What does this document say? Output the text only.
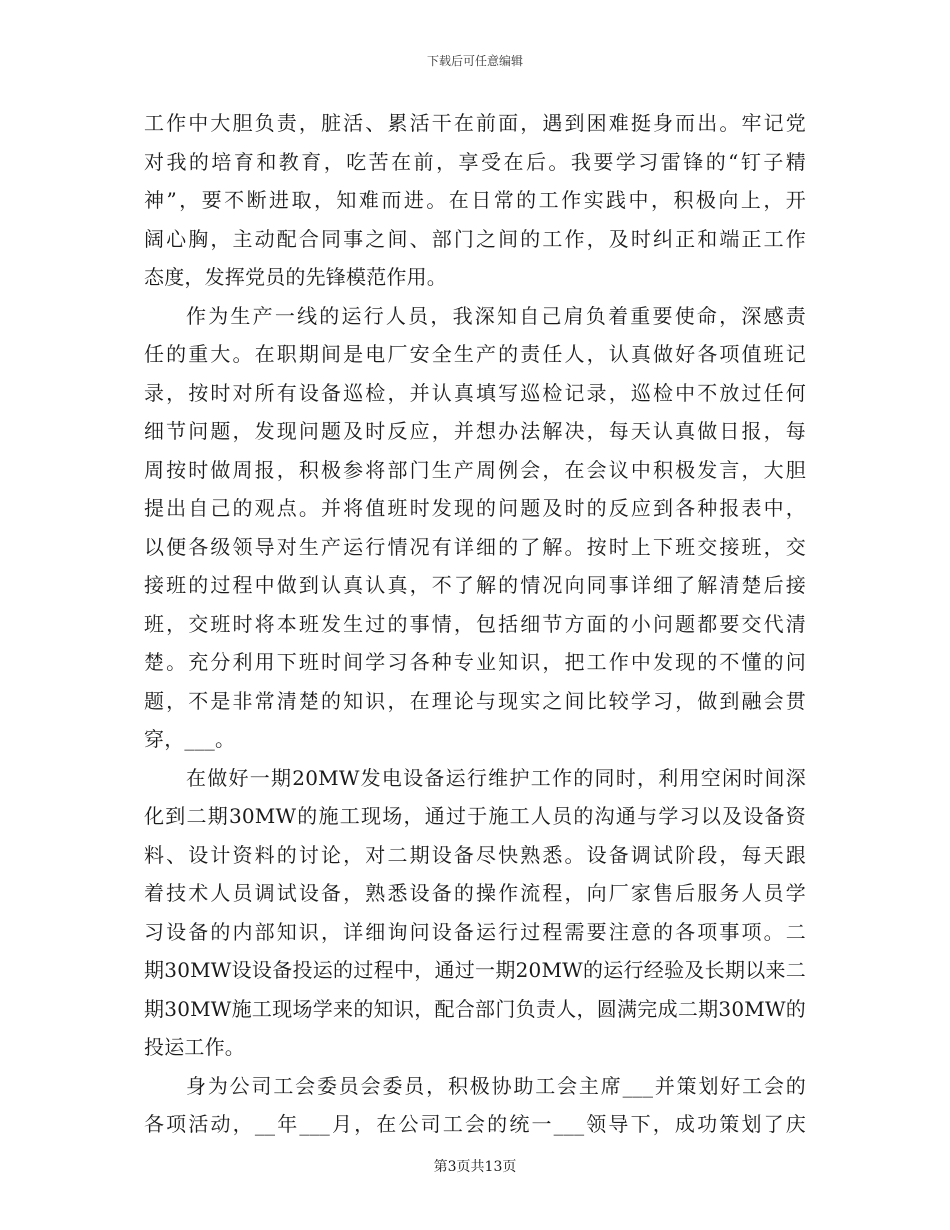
下载后可任意编辑
工作中大胆负责，脏活、累活干在前面，遇到困难挺身而出。牢记党
对我的培育和教育，吃苦在前，享受在后。我要学习雷锋的“钉子精
神”，要不断进取，知难而进。在日常的工作实践中，积极向上，开
阔心胸，主动配合同事之间、部门之间的工作，及时纠正和端正工作
态度，发挥党员的先锋模范作用。
作为生产一线的运行人员，我深知自己肩负着重要使命，深感责
任的重大。在职期间是电厂安全生产的责任人，认真做好各项值班记
录，按时对所有设备巡检，并认真填写巡检记录，巡检中不放过任何
细节问题，发现问题及时反应，并想办法解决，每天认真做日报，每
周按时做周报，积极参将部门生产周例会，在会议中积极发言，大胆
提出自己的观点。并将值班时发现的问题及时的反应到各种报表中，
以便各级领导对生产运行情况有详细的了解。按时上下班交接班，交
接班的过程中做到认真认真，不了解的情况向同事详细了解清楚后接
班，交班时将本班发生过的事情，包括细节方面的小问题都要交代清
楚。充分利用下班时间学习各种专业知识，把工作中发现的不懂的问
题，不是非常清楚的知识，在理论与现实之间比较学习，做到融会贯
穿，___。
在做好一期20MW发电设备运行维护工作的同时，利用空闲时间深
化到二期30MW的施工现场，通过于施工人员的沟通与学习以及设备资
料、设计资料的讨论，对二期设备尽快熟悉。设备调试阶段，每天跟
着技术人员调试设备，熟悉设备的操作流程，向厂家售后服务人员学
习设备的内部知识，详细询问设备运行过程需要注意的各项事项。二
期30MW设设备投运的过程中，通过一期20MW的运行经验及长期以来二
期30MW施工现场学来的知识，配合部门负责人，圆满完成二期30MW的
投运工作。
身为公司工会委员会委员，积极协助工会主席___并策划好工会的
各项活动，__年___月，在公司工会的统一___领导下，成功策划了庆
第3页共13页
